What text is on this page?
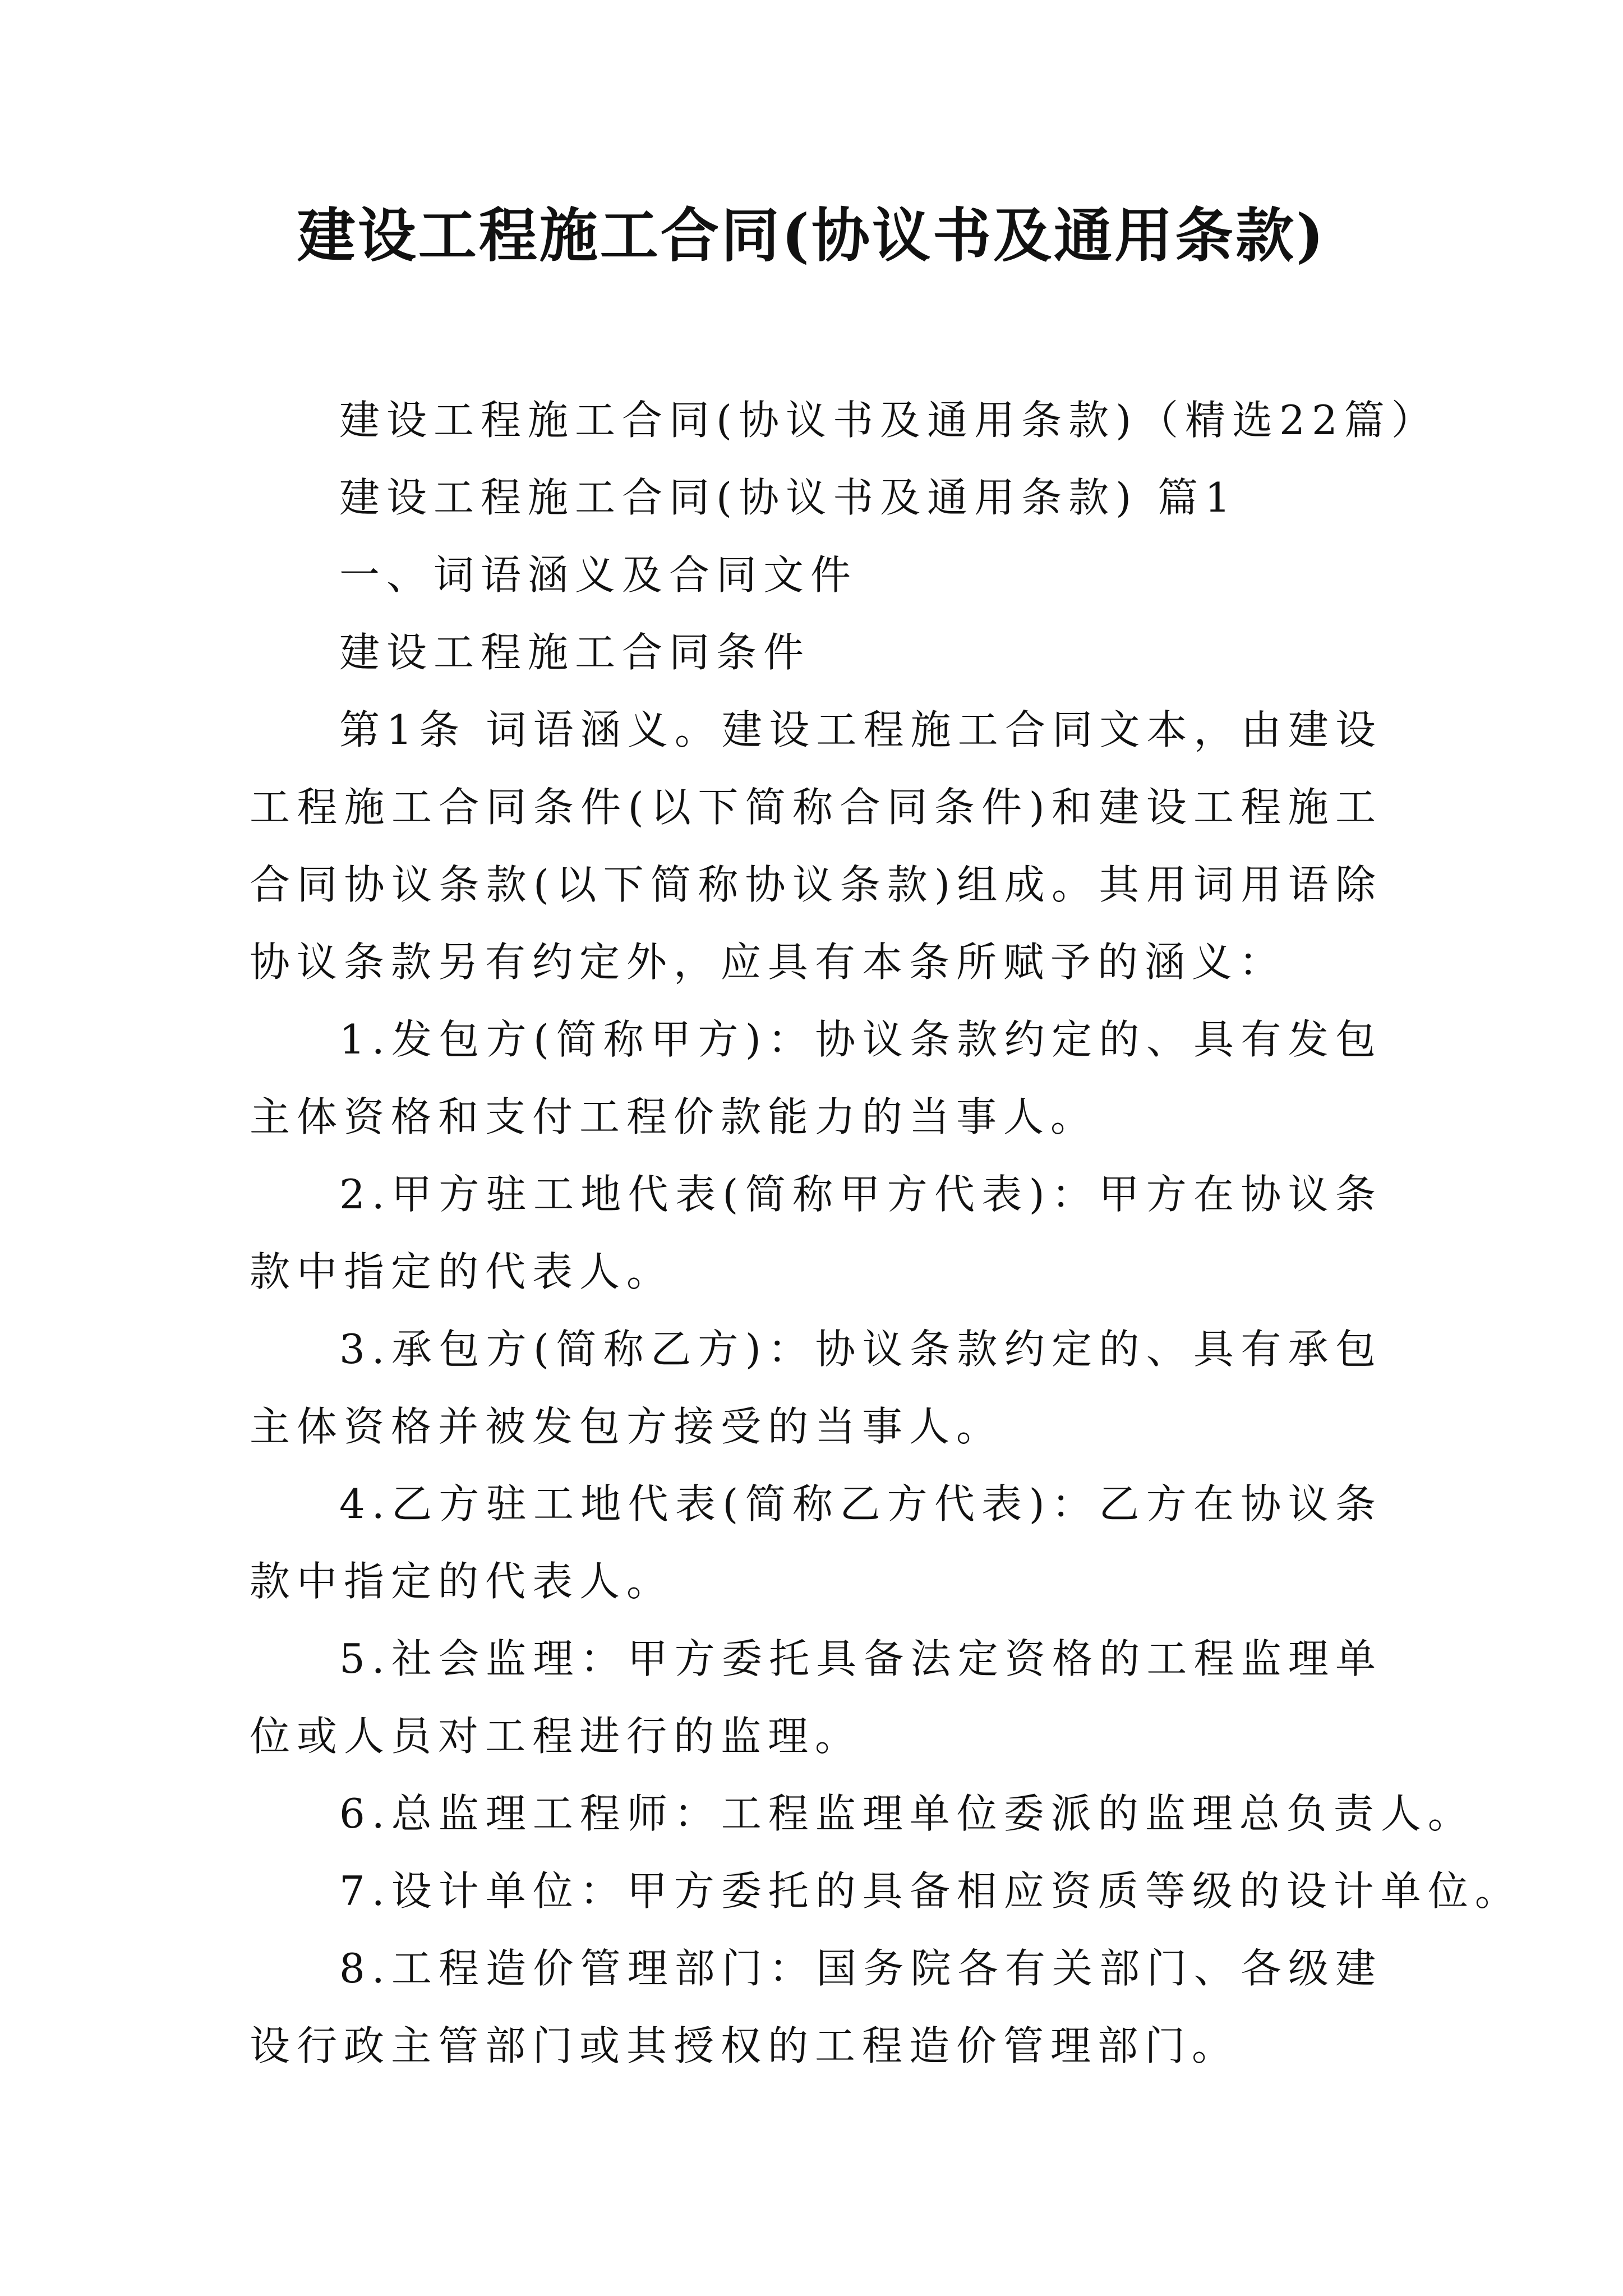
建设工程施工合同(协议书及通用条款)

建设工程施工合同(协议书及通用条款)（精选22篇）

建设工程施工合同(协议书及通用条款) 篇1

一、词语涵义及合同文件

建设工程施工合同条件

第1条 词语涵义。建设工程施工合同文本，由建设工程施工合同条件(以下简称合同条件)和建设工程施工合同协议条款(以下简称协议条款)组成。其用词用语除协议条款另有约定外，应具有本条所赋予的涵义：

1.发包方(简称甲方)：协议条款约定的、具有发包主体资格和支付工程价款能力的当事人。

2.甲方驻工地代表(简称甲方代表)：甲方在协议条款中指定的代表人。

3.承包方(简称乙方)：协议条款约定的、具有承包主体资格并被发包方接受的当事人。

4.乙方驻工地代表(简称乙方代表)：乙方在协议条款中指定的代表人。

5.社会监理：甲方委托具备法定资格的工程监理单位或人员对工程进行的监理。

6.总监理工程师：工程监理单位委派的监理总负责人。

7.设计单位：甲方委托的具备相应资质等级的设计单位。

8.工程造价管理部门：国务院各有关部门、各级建设行政主管部门或其授权的工程造价管理部门。
